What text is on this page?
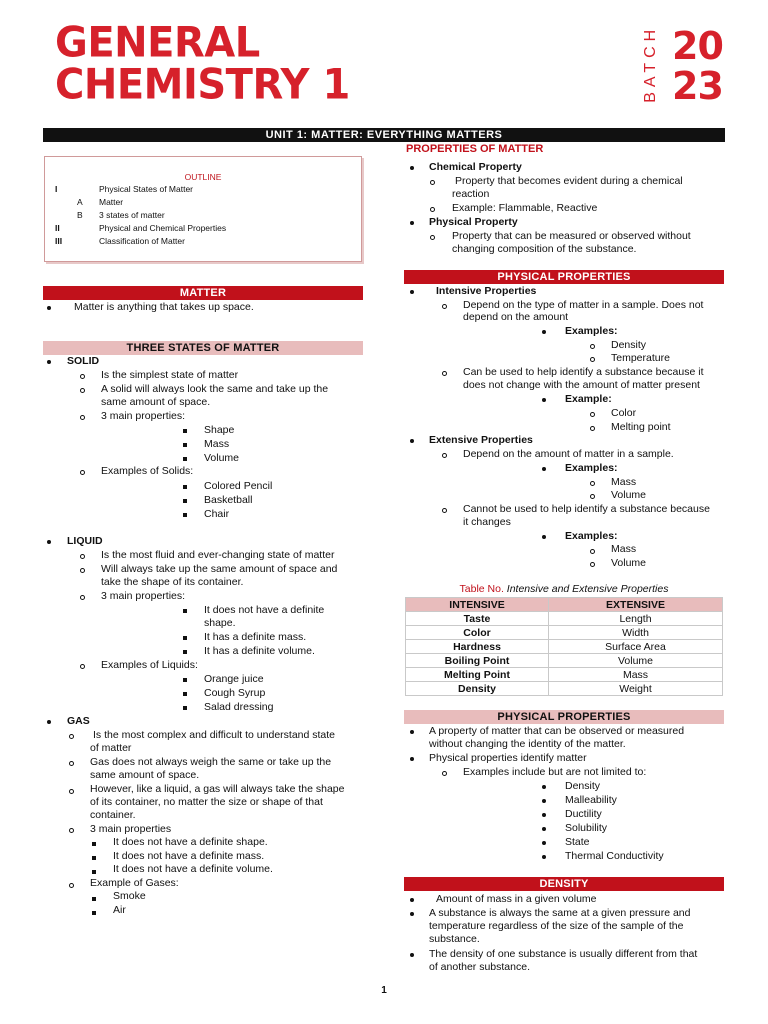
GENERAL
CHEMISTRY 1	BATCH 20
23
UNIT 1: MATTER: EVERYTHING MATTERS
OUTLINE
I	Physical States of Matter
A	Matter
B	3 states of matter
II	Physical and Chemical Properties
III	Classification of Matter
MATTER
Matter is anything that takes up space.
THREE STATES OF MATTER
SOLID
Is the simplest state of matter
A solid will always look the same and take up the
same amount of space.
3 main properties:
Shape
Mass
Volume
Examples of Solids:
Colored Pencil
Basketball
Chair
LIQUID
Is the most fluid and ever-changing state of matter
Will always take up the same amount of space and
take the shape of its container.
3 main properties:
It does not have a definite
shape.
It has a definite mass.
It has a definite volume.
Examples of Liquids:
Orange juice
Cough Syrup
Salad dressing
GAS
Is the most complex and difficult to understand state
of matter
Gas does not always weigh the same or take up the
same amount of space.
However, like a liquid, a gas will always take the shape
of its container, no matter the size or shape of that
container.
3 main properties
It does not have a definite shape.
It does not have a definite mass.
It does not have a definite volume.
Example of Gases:
Smoke
Air
PROPERTIES OF MATTER
Chemical Property
Property that becomes evident during a chemical
reaction
Example: Flammable, Reactive
Physical Property
Property that can be measured or observed without
changing composition of the substance.
PHYSICAL PROPERTIES
Intensive Properties
Depend on the type of matter in a sample. Does not
depend on the amount
Examples:
Density
Temperature
Can be used to help identify a substance because it
does not change with the amount of matter present
Example:
Color
Melting point
Extensive Properties
Depend on the amount of matter in a sample.
Examples:
Mass
Volume
Cannot be used to help identify a substance because
it changes
Examples:
Mass
Volume
Table No. Intensive and Extensive Properties
INTENSIVE	EXTENSIVE
Taste	Length
Color	Width
Hardness	Surface Area
Boiling Point	Volume
Melting Point	Mass
Density	Weight
PHYSICAL PROPERTIES
A property of matter that can be observed or measured
without changing the identity of the matter.
Physical properties identify matter
Examples include but are not limited to:
Density
Malleability
Ductility
Solubility
State
Thermal Conductivity
DENSITY
Amount of mass in a given volume
A substance is always the same at a given pressure and
temperature regardless of the size of the sample of the
substance.
The density of one substance is usually different from that
of another substance.
1
